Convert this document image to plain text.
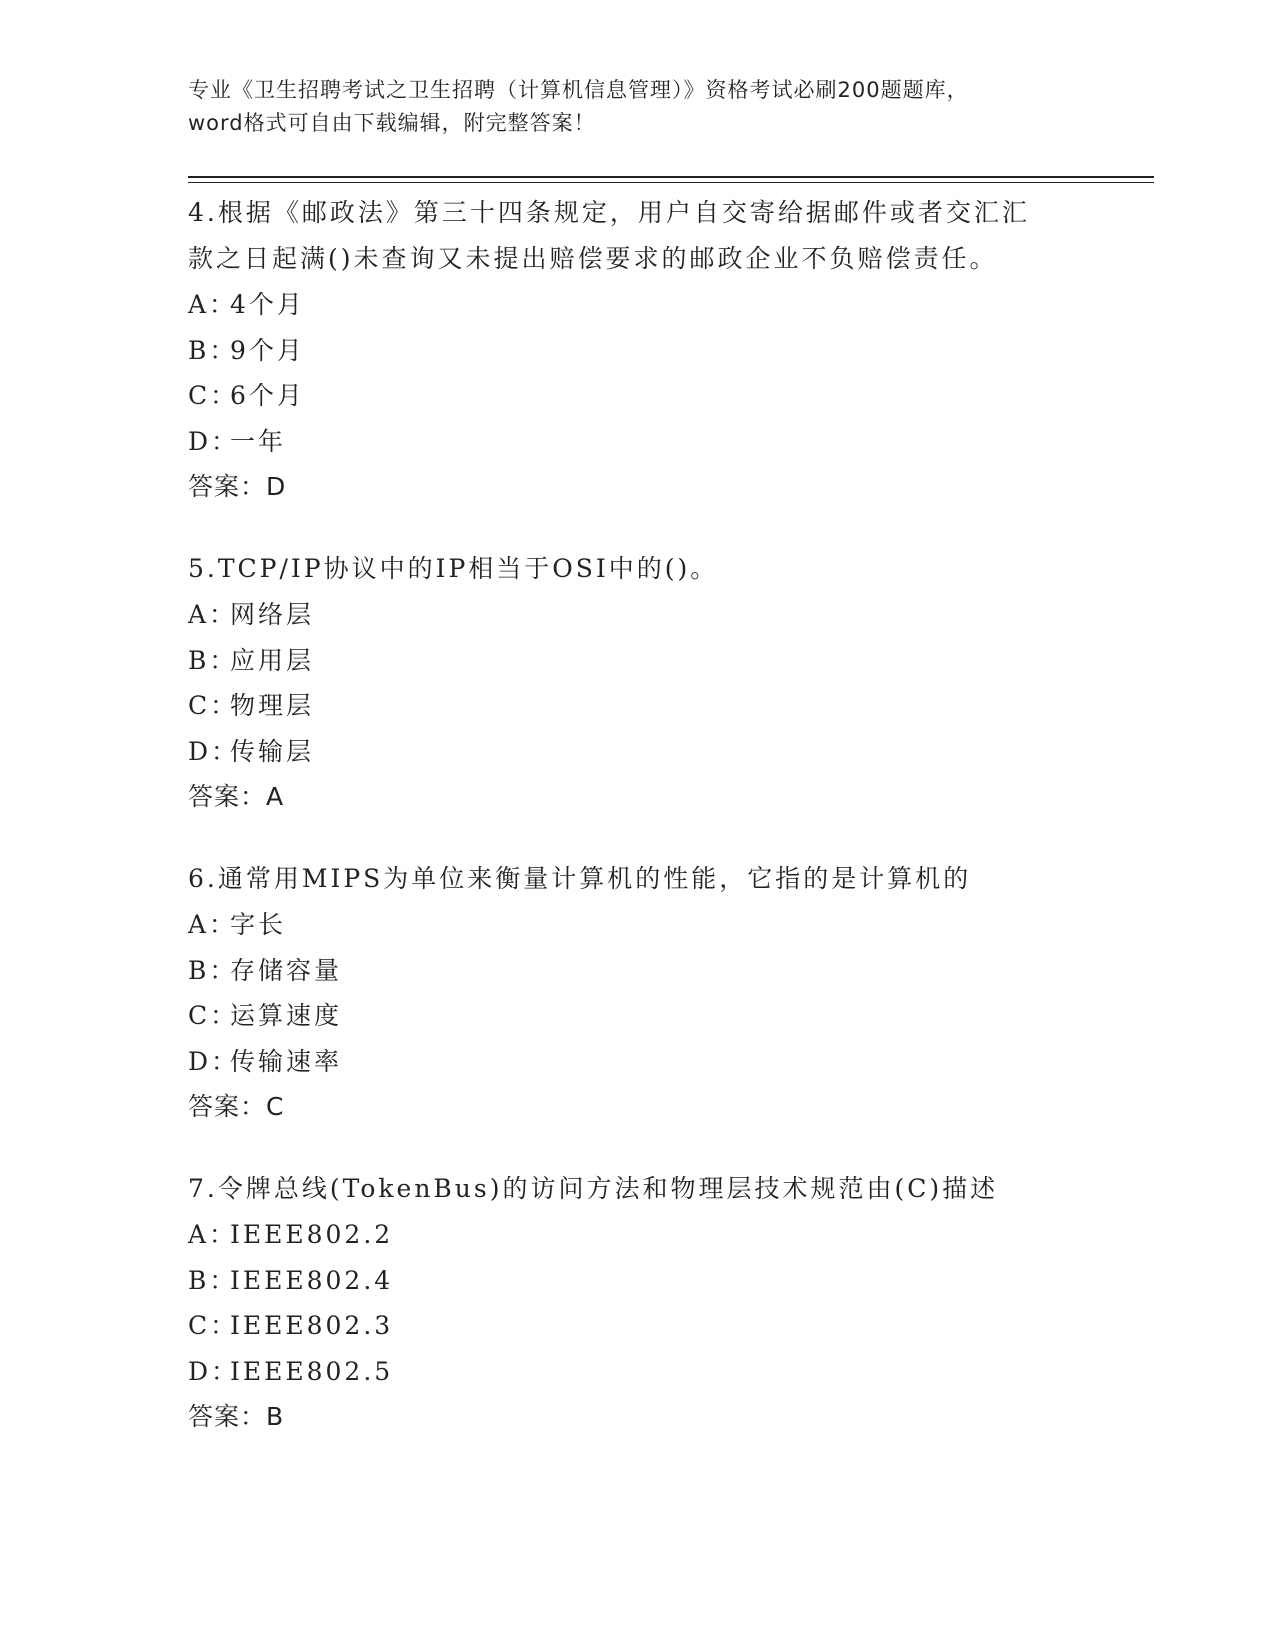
专业《卫生招聘考试之卫生招聘（计算机信息管理）》资格考试必刷200题题库，

word格式可自由下载编辑，附完整答案！

4.根据《邮政法》第三十四条规定，用户自交寄给据邮件或者交汇汇

款之日起满()未查询又未提出赔偿要求的邮政企业不负赔偿责任。

A：
4个月
B：
9个月
C：
6个月
D：
一年

答案：D

5.TCP/IP协议中的IP相当于OSI中的()。

A：
网络层
B：
应用层
C：
物理层
D：
传输层

答案：A

6.通常用MIPS为单位来衡量计算机的性能，它指的是计算机的

A：
字长
B：
存储容量
C：
运算速度
D：
传输速率

答案：C

7.令牌总线(TokenBus)的访问方法和物理层技术规范由(C)描述

A：
IEEE802.2
B：
IEEE802.4
C：
IEEE802.3
D：
IEEE802.5

答案：B
